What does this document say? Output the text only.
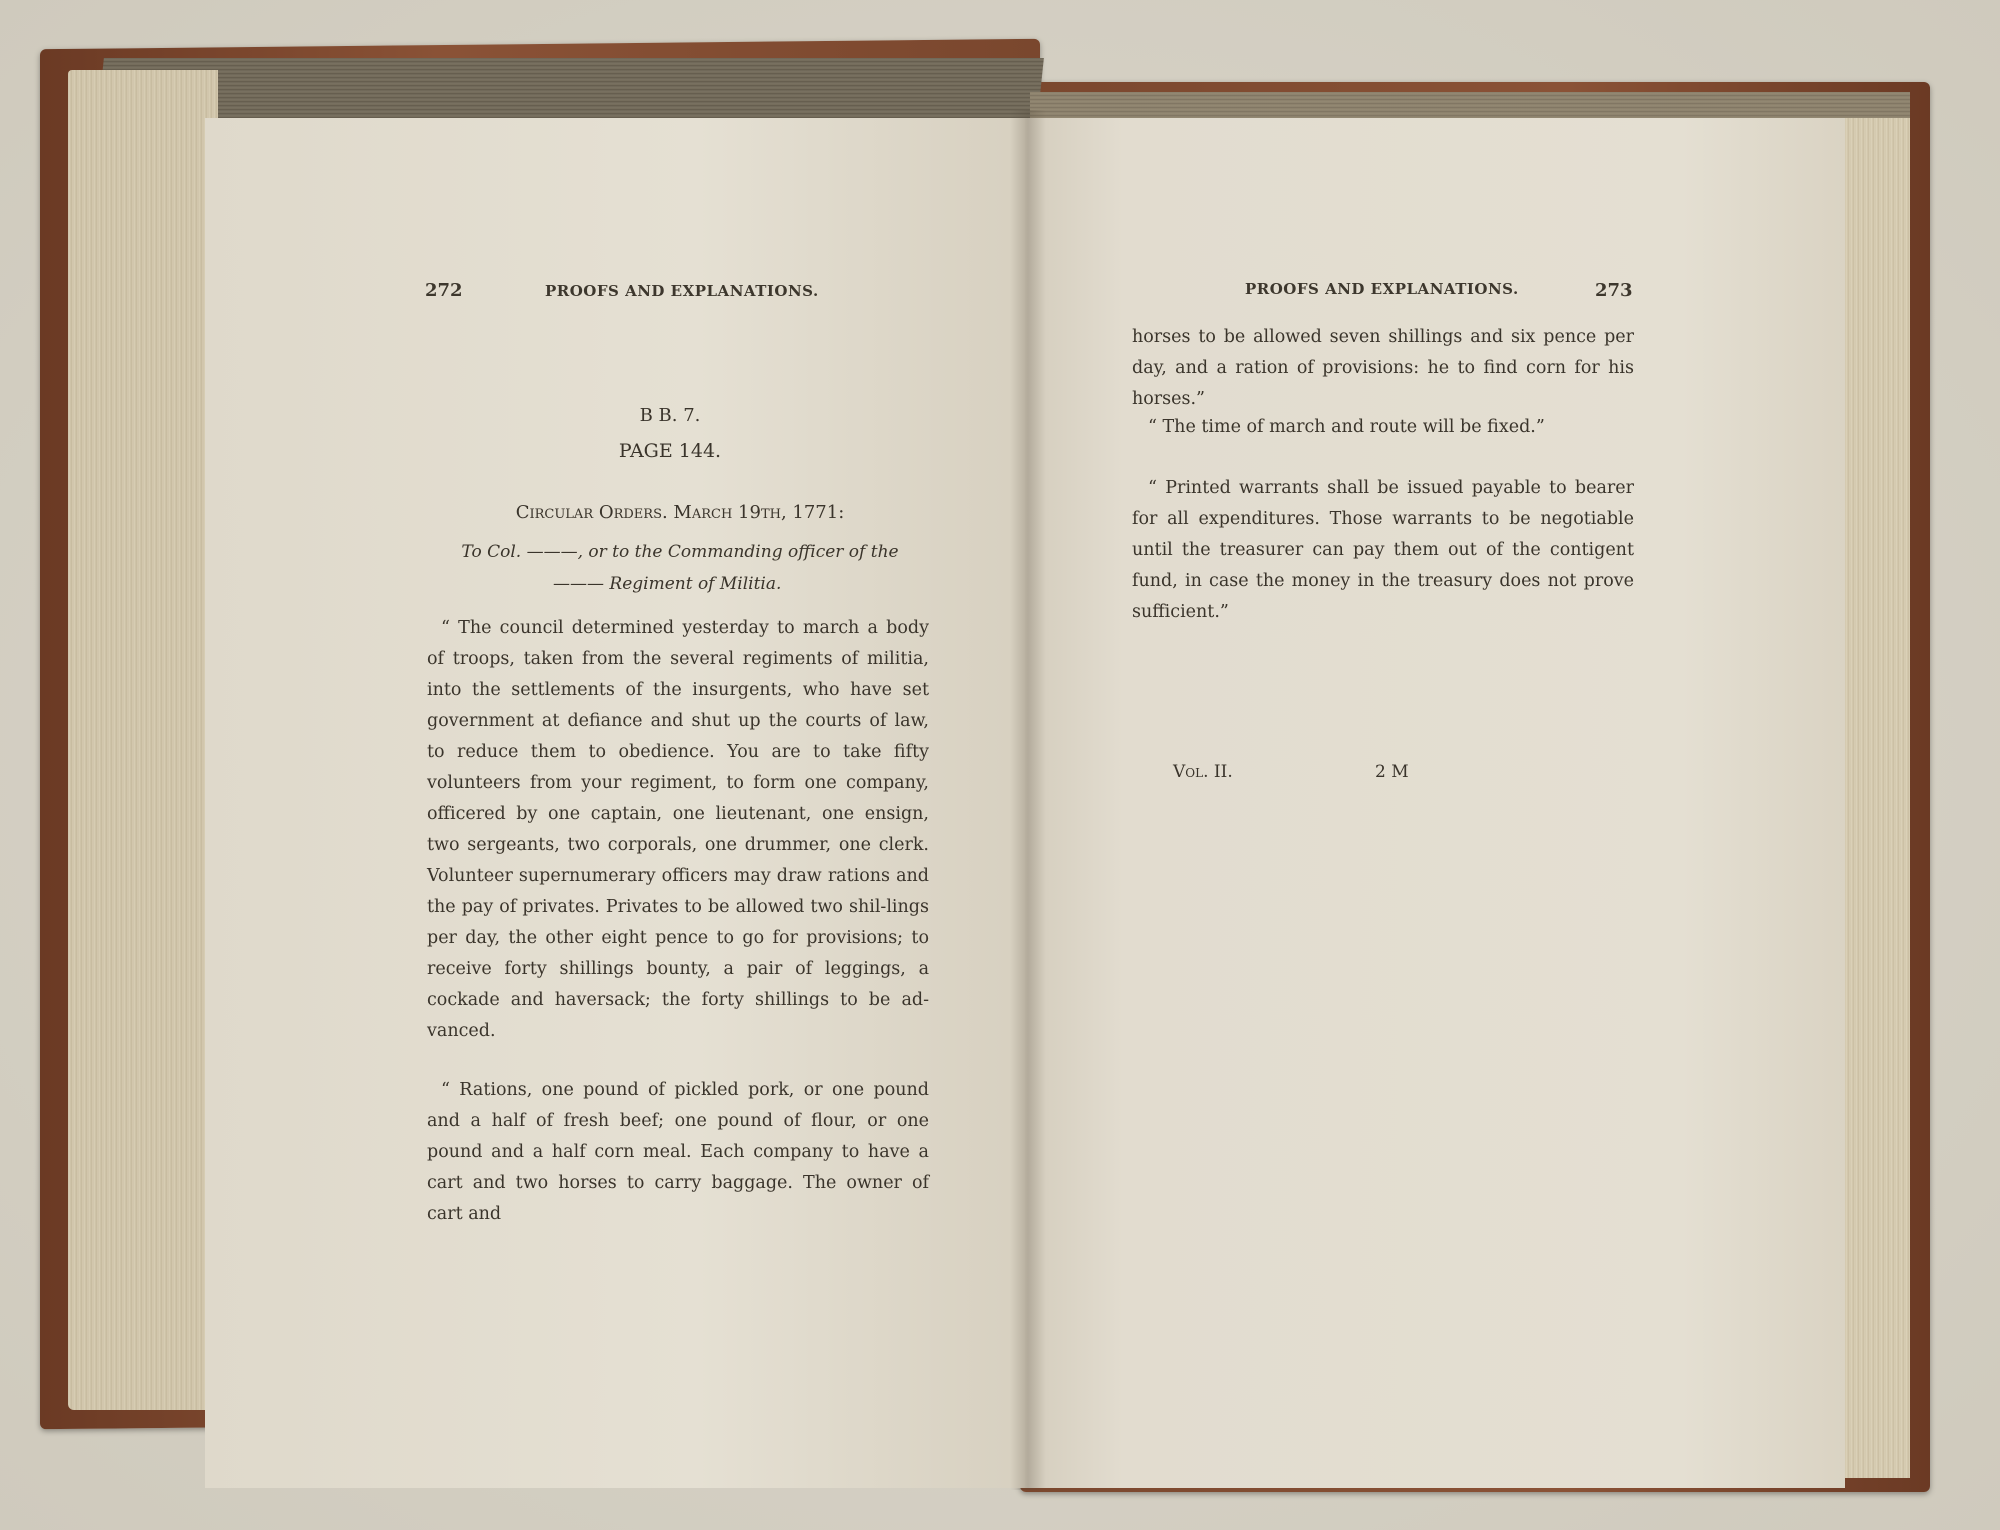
272	PROOFS AND EXPLANATIONS.
B B. 7.
PAGE 144.
Circular Orders. March 19th, 1771:
To Col. ———, or to the Commanding officer of the
——— Regiment of Militia.

“ The council determined yesterday to march a body of troops, taken from the several regiments of militia, into the settlements of the insurgents, who have set government at defiance and shut up the courts of law, to reduce them to obedience. You are to take fifty volunteers from your regiment, to form one company, officered by one captain, one lieutenant, one ensign, two sergeants, two corporals, one drummer, one clerk. Volunteer supernumerary officers may draw rations and the pay of privates. Privates to be allowed two shil-lings per day, the other eight pence to go for provisions; to receive forty shillings bounty, a pair of leggings, a cockade and haversack; the forty shillings to be ad-vanced.

“ Rations, one pound of pickled pork, or one pound and a half of fresh beef; one pound of flour, or one pound and a half corn meal. Each company to have a cart and two horses to carry baggage. The owner of cart and

PROOFS AND EXPLANATIONS.	273

horses to be allowed seven shillings and six pence per day, and a ration of provisions: he to find corn for his horses.”

“ The time of march and route will be fixed.”

“ Printed warrants shall be issued payable to bearer for all expenditures. Those warrants to be negotiable until the treasurer can pay them out of the contigent fund, in case the money in the treasury does not prove sufficient.”

Vol. II.	2 M
